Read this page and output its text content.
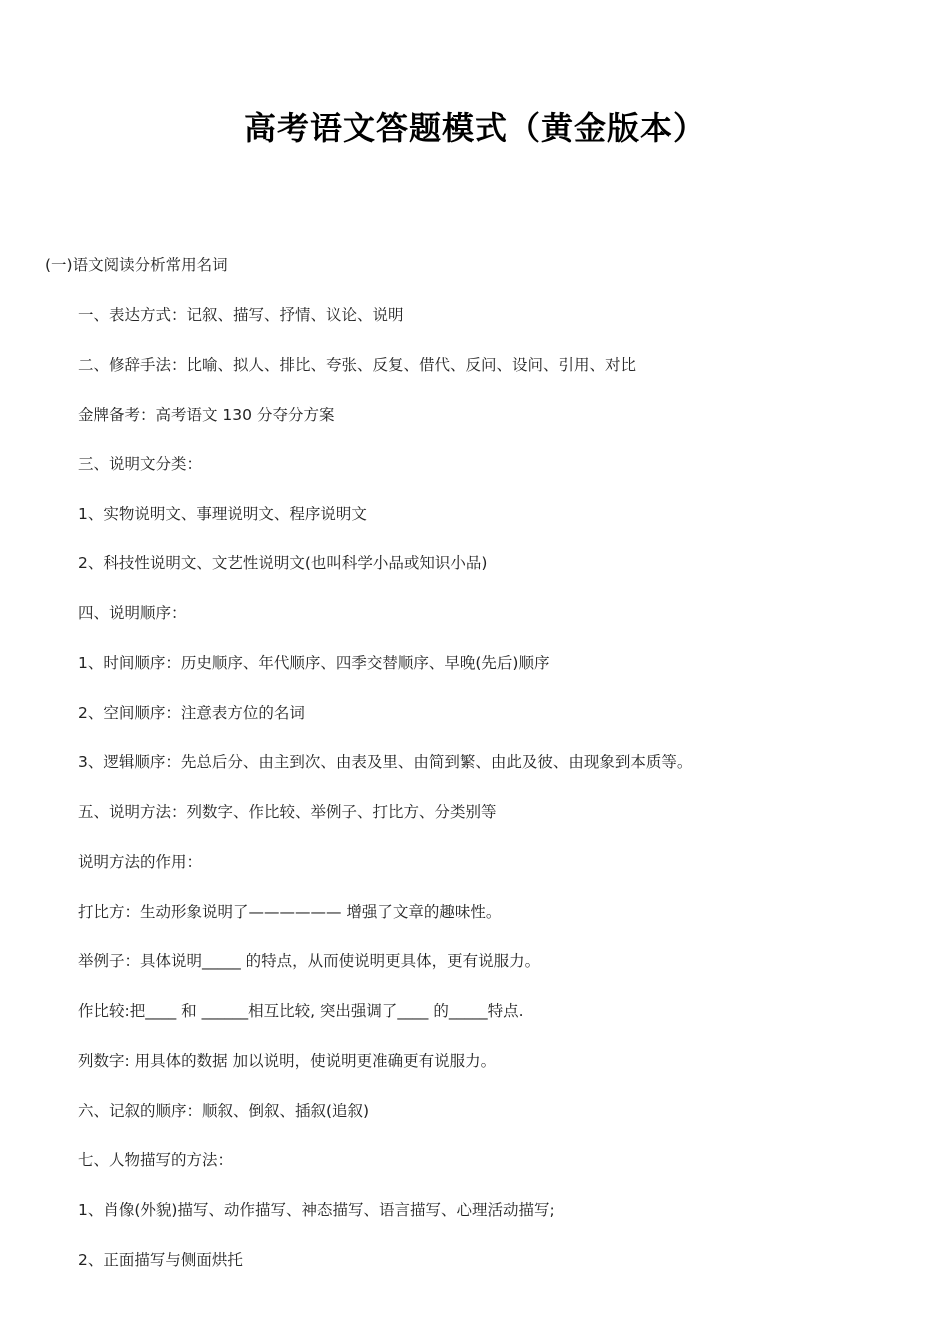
高考语文答题模式（黄金版本）
(一)语文阅读分析常用名词
一、表达方式：记叙、描写、抒情、议论、说明
二、修辞手法：比喻、拟人、排比、夸张、反复、借代、反问、设问、引用、对比
金牌备考：高考语文 130 分夺分方案
三、说明文分类：
1、实物说明文、事理说明文、程序说明文
2、科技性说明文、文艺性说明文(也叫科学小品或知识小品)
四、说明顺序：
1、时间顺序：历史顺序、年代顺序、四季交替顺序、早晚(先后)顺序
2、空间顺序：注意表方位的名词
3、逻辑顺序：先总后分、由主到次、由表及里、由简到繁、由此及彼、由现象到本质等。
五、说明方法：列数字、作比较、举例子、打比方、分类别等
说明方法的作用：
打比方：生动形象说明了—————— 增强了文章的趣味性。
举例子：具体说明_____ 的特点，从而使说明更具体，更有说服力。
作比较:把____ 和 ______相互比较, 突出强调了____ 的_____特点.
列数字: 用具体的数据 加以说明，使说明更准确更有说服力。
六、记叙的顺序：顺叙、倒叙、插叙(追叙)
七、人物描写的方法：
1、肖像(外貌)描写、动作描写、神态描写、语言描写、心理活动描写;
2、正面描写与侧面烘托
